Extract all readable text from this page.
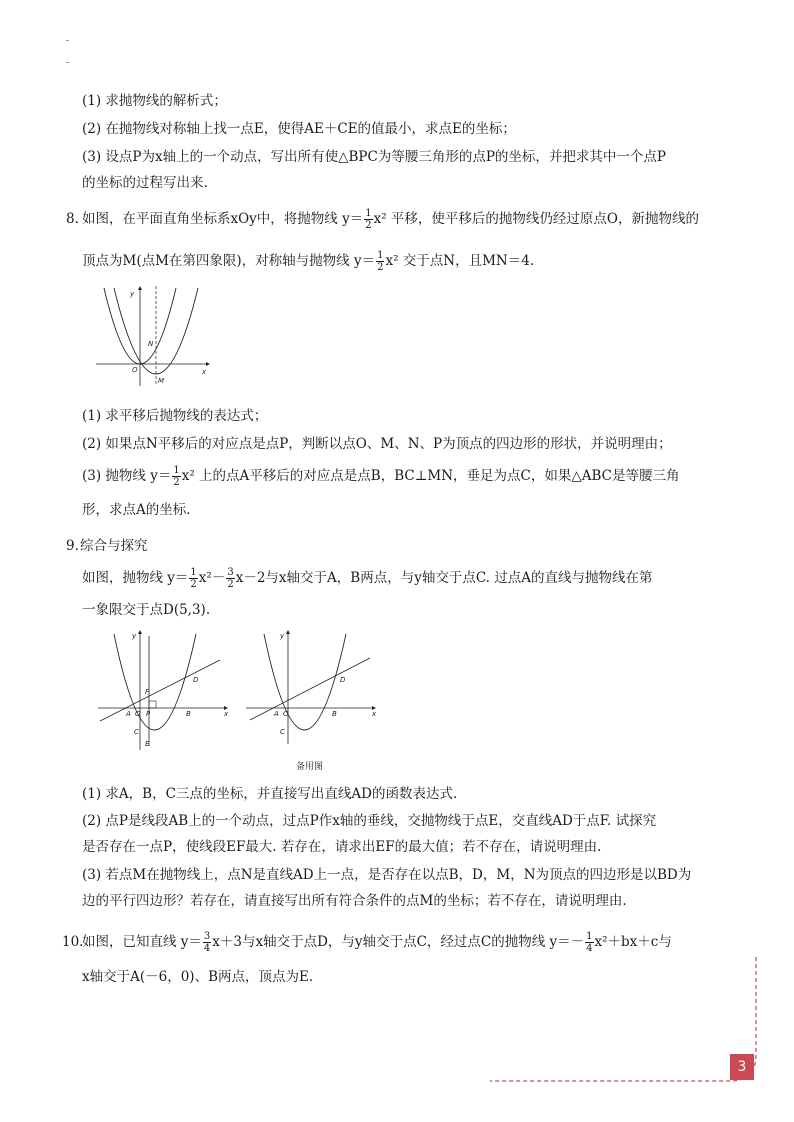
(1) 求抛物线的解析式；
(2) 在抛物线对称轴上找一点E，使得AE＋CE的值最小，求点E的坐标；
(3) 设点P为x轴上的一个动点，写出所有使△BPC为等腰三角形的点P的坐标，并把求其中一个点P
的坐标的过程写出来.
8. 如图，在平面直角坐标系xOy中，将抛物线 $y= \frac{1}{2} x^2$ 平移，使平移后的抛物线仍经过原点O，新抛物线的
顶点为M(点M在第四象限)，对称轴与抛物线 $y= \frac{1}{2} x^2$ 交于点N，且MN＝4.
y
x
O
N
M
(1) 求平移后抛物线的表达式；
(2) 如果点N平移后的对应点是点P，判断以点O、M、N、P为顶点的四边形的形状，并说明理由；
(3) 抛物线 $y= \frac{1}{2} x^2$ 上的点A平移后的对应点是点B，BC⊥MN，垂足为点C，如果△ABC是等腰三角
形，求点A的坐标.
9. 综合与探究
如图，抛物线 $y= \frac{1}{2} x^2- \frac{3}{2} x-2$与x轴交于A，B两点，与y轴交于点C. 过点A的直线与抛物线在第
一象限交于点D(5,3).
y
x
A O P	B
C
D
E
F
y
x
A O	B
C
D
备用图
(1) 求A，B，C三点的坐标，并直接写出直线AD的函数表达式.
(2) 点P是线段AB上的一个动点，过点P作x轴的垂线，交抛物线于点E，交直线AD于点F. 试探究
是否存在一点P，使线段EF最大. 若存在，请求出EF的最大值；若不存在，请说明理由.
(3) 若点M在抛物线上，点N是直线AD上一点，是否存在以点B，D，M，N为顶点的四边形是以BD为
边的平行四边形？若存在，请直接写出所有符合条件的点M的坐标；若不存在，请说明理由.
10.
如图，已知直线 $y= \frac{3}{4} x+3$与x轴交于点D，与y轴交于点C，经过点C的抛物线 $y=- \frac{1}{4} x^2+bx+c$与
x轴交于A(－6，0)、B两点，顶点为E.
3
